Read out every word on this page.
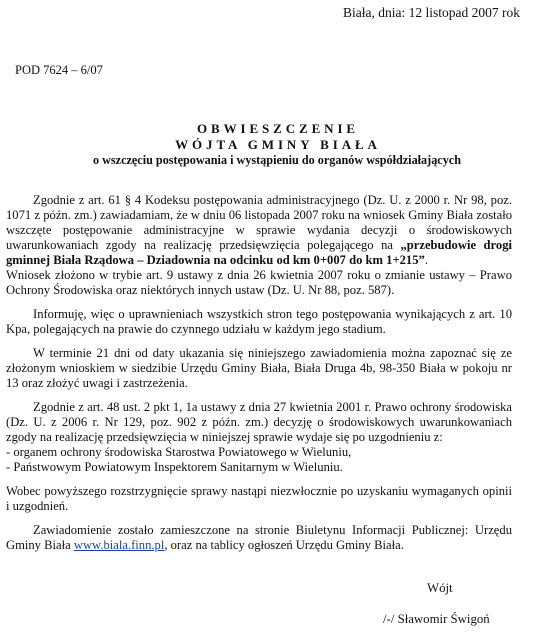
Biała, dnia: 12 listopad 2007 rok
POD 7624 – 6/07
OBWIESZCZENIE
WÓJTA GMINY BIAŁA
o wszczęciu postępowania i wystąpieniu do organów współdziałających

Zgodnie z art. 61 § 4 Kodeksu postępowania administracyjnego (Dz. U. z 2000 r. Nr 98, poz. 1071 z późn. zm.) zawiadamiam, że w dniu 06 listopada 2007 roku na wniosek Gminy Biała zostało wszczęte postępowanie administracyjne w sprawie wydania decyzji o środowiskowych uwarunkowaniach zgody na realizację przedsięwzięcia polegającego na „przebudowie drogi gminnej Biała Rządowa – Dziadownia na odcinku od km 0+007 do km 1+215”.

Wniosek złożono w trybie art. 9 ustawy z dnia 26 kwietnia 2007 roku o zmianie ustawy – Prawo Ochrony Środowiska oraz niektórych innych ustaw (Dz. U. Nr 88, poz. 587).

Informuję, więc o uprawnieniach wszystkich stron tego postępowania wynikających z art. 10 Kpa, polegających na prawie do czynnego udziału w każdym jego stadium.

W terminie 21 dni od daty ukazania się niniejszego zawiadomienia można zapoznać się ze złożonym wnioskiem w siedzibie Urzędu Gminy Biała, Biała Druga 4b, 98-350 Biała w pokoju nr 13 oraz złożyć uwagi i zastrzeżenia.

Zgodnie z art. 48 ust. 2 pkt 1, 1a ustawy z dnia 27 kwietnia 2001 r. Prawo ochrony środowiska (Dz. U. z 2006 r. Nr 129, poz. 902 z późn. zm.) decyzję o środowiskowych uwarunkowaniach zgody na realizację przedsięwzięcia w niniejszej sprawie wydaje się po uzgodnieniu z:

- organem ochrony środowiska Starostwa Powiatowego w Wieluniu,

- Państwowym Powiatowym Inspektorem Sanitarnym w Wieluniu.

Wobec powyższego rozstrzygnięcie sprawy nastąpi niezwłocznie po uzyskaniu wymaganych opinii i uzgodnień.

Zawiadomienie zostało zamieszczone na stronie Biuletynu Informacji Publicznej: Urzędu Gminy Biała www.biala.finn.pl, oraz na tablicy ogłoszeń Urzędu Gminy Biała.

Wójt
/-/ Sławomir Świgoń
